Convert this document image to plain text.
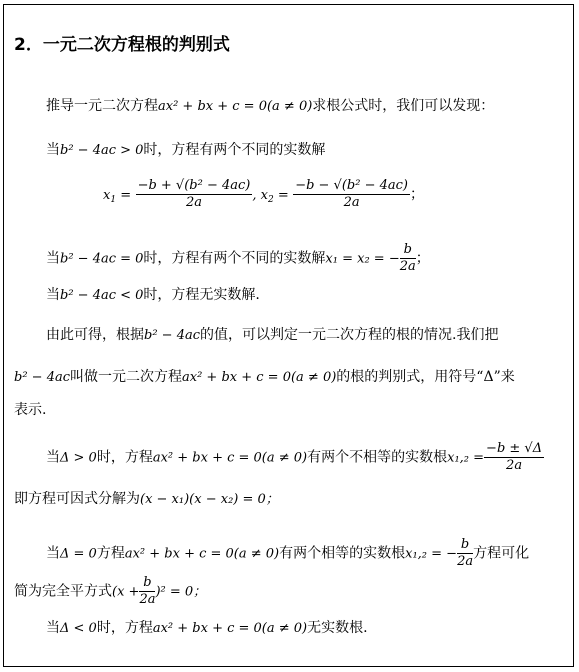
2．一元二次方程根的判别式
推导一元二次方程ax² + bx + c = 0(a ≠ 0)求根公式时，我们可以发现：
当b² − 4ac > 0时，方程有两个不同的实数解
$x_1 = \frac{\text{−b + √(b² − 4ac)}}{2a}$ , $x_2 = \frac{\text{−b − √(b² − 4ac)}}{2a}$ ；
当b² − 4ac = 0时，方程有两个不同的实数解x₁ = x₂ = − $\frac{b}{2a}$ ；
当b² − 4ac < 0时，方程无实数解.
由此可得，根据b² − 4ac的值，可以判定一元二次方程的根的情况.我们把
b² − 4ac叫做一元二次方程ax² + bx + c = 0(a ≠ 0)的根的判别式，用符号“Δ”来
表示.
当Δ > 0时，方程ax² + bx + c = 0(a ≠ 0)有两个不相等的实数根$x_1,_2 = \frac{-b \pm √\Delta}{2a}$
即方程可因式分解为(x − x₁)(x − x₂) = 0；
当Δ = 0方程ax² + bx + c = 0(a ≠ 0)有两个相等的实数根x₁,₂ = − $\frac{b}{2a}$ 方程可化
简为完全平方式$(x + \frac{b}{2a} )^2 = 0$；
当Δ < 0时，方程ax² + bx + c = 0(a ≠ 0)无实数根.
